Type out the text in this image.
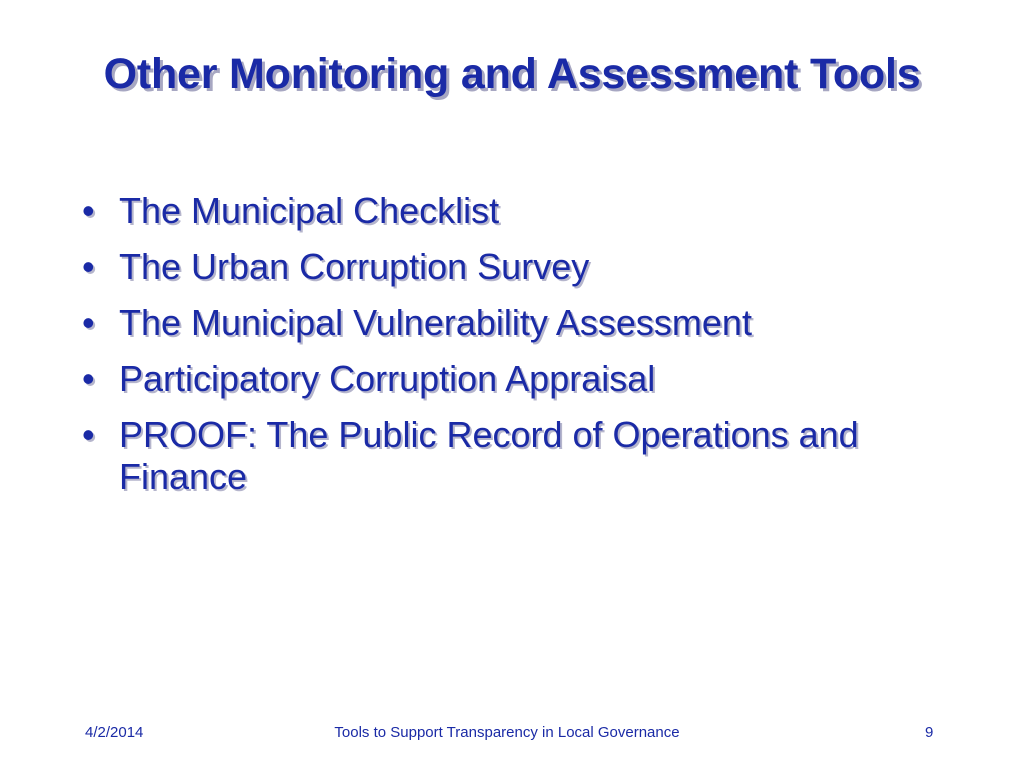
Other Monitoring and Assessment Tools
• The Municipal Checklist
• The Urban Corruption Survey
• The Municipal Vulnerability Assessment
• Participatory Corruption Appraisal
• PROOF: The Public Record of Operations and Finance
4/2/2014	Tools to Support Transparency in Local Governance	9
